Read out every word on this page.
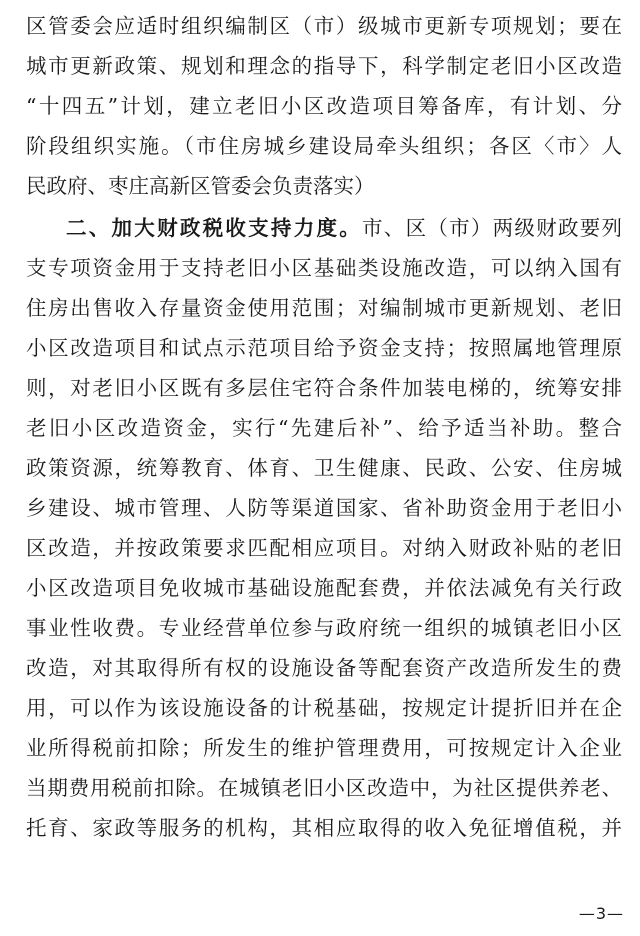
区管委会应适时组织编制区（市）级城市更新专项规划；要在
城市更新政策、规划和理念的指导下，科学制定老旧小区改造
“十四五”计划，建立老旧小区改造项目筹备库，有计划、分
阶段组织实施。（市住房城乡建设局牵头组织；各区〈市〉人
民政府、枣庄高新区管委会负责落实）
二、加大财政税收支持力度。市、区（市）两级财政要列
支专项资金用于支持老旧小区基础类设施改造，可以纳入国有
住房出售收入存量资金使用范围；对编制城市更新规划、老旧
小区改造项目和试点示范项目给予资金支持；按照属地管理原
则，对老旧小区既有多层住宅符合条件加装电梯的，统筹安排
老旧小区改造资金，实行“先建后补”、给予适当补助。整合
政策资源，统筹教育、体育、卫生健康、民政、公安、住房城
乡建设、城市管理、人防等渠道国家、省补助资金用于老旧小
区改造，并按政策要求匹配相应项目。对纳入财政补贴的老旧
小区改造项目免收城市基础设施配套费，并依法减免有关行政
事业性收费。专业经营单位参与政府统一组织的城镇老旧小区
改造，对其取得所有权的设施设备等配套资产改造所发生的费
用，可以作为该设施设备的计税基础，按规定计提折旧并在企
业所得税前扣除；所发生的维护管理费用，可按规定计入企业
当期费用税前扣除。在城镇老旧小区改造中，为社区提供养老、
托育、家政等服务的机构，其相应取得的收入免征增值税，并
—3—
